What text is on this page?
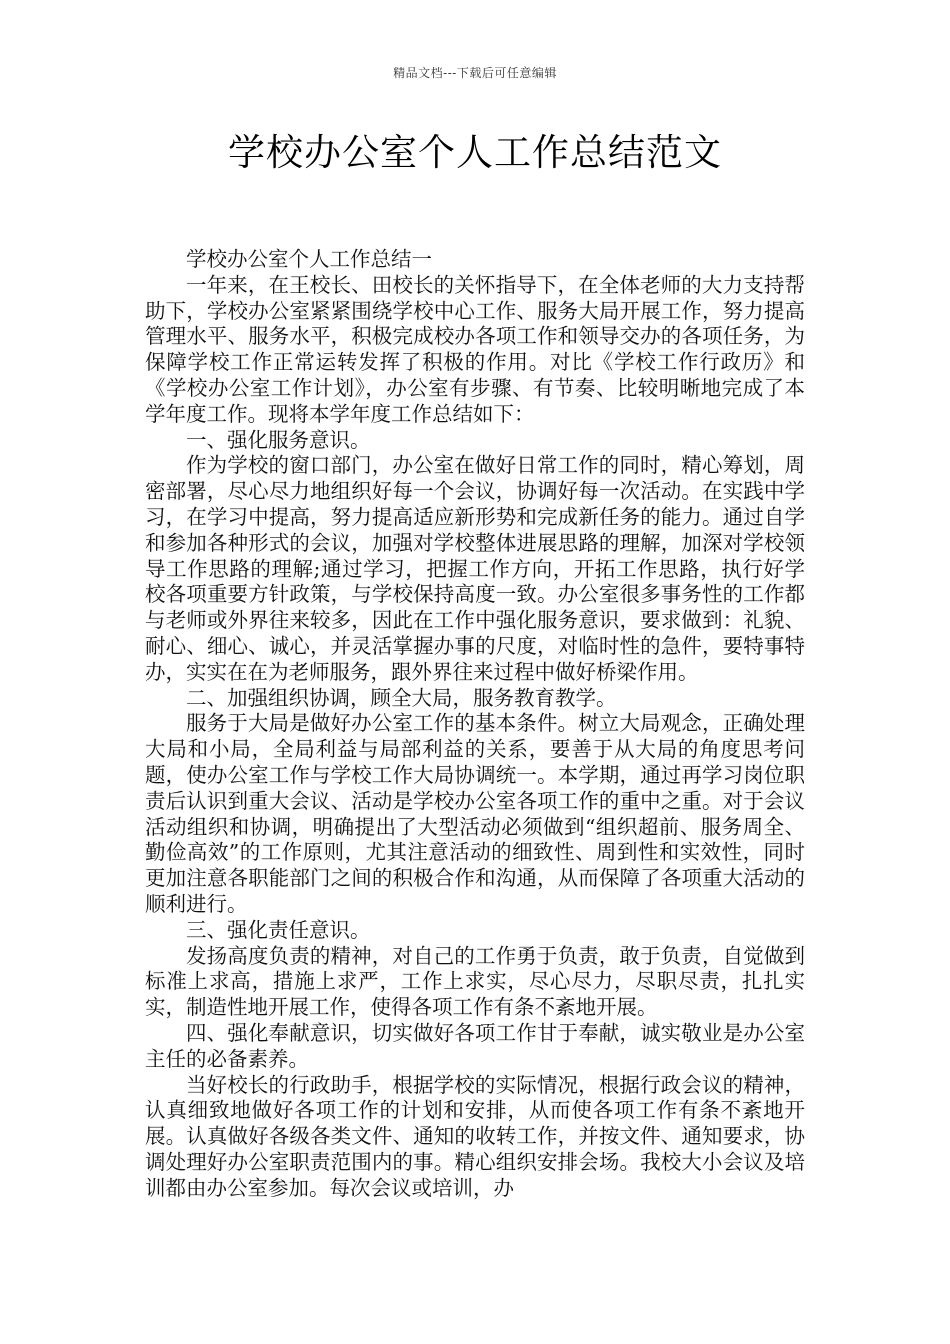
精品文档---下载后可任意编辑
学校办公室个人工作总结范文

学校办公室个人工作总结一

一年来，在王校长、田校长的关怀指导下，在全体老师的大力支持帮助下，学校办公室紧紧围绕学校中心工作、服务大局开展工作，努力提高管理水平、服务水平，积极完成校办各项工作和领导交办的各项任务，为保障学校工作正常运转发挥了积极的作用。对比《学校工作行政历》和《学校办公室工作计划》，办公室有步骤、有节奏、比较明晰地完成了本学年度工作。现将本学年度工作总结如下：

一、强化服务意识。

作为学校的窗口部门，办公室在做好日常工作的同时，精心筹划，周密部署，尽心尽力地组织好每一个会议，协调好每一次活动。在实践中学习，在学习中提高，努力提高适应新形势和完成新任务的能力。通过自学和参加各种形式的会议，加强对学校整体进展思路的理解，加深对学校领导工作思路的理解;通过学习，把握工作方向，开拓工作思路，执行好学校各项重要方针政策，与学校保持高度一致。办公室很多事务性的工作都与老师或外界往来较多，因此在工作中强化服务意识，要求做到：礼貌、耐心、细心、诚心，并灵活掌握办事的尺度，对临时性的急件，要特事特办，实实在在为老师服务，跟外界往来过程中做好桥梁作用。

二、加强组织协调，顾全大局，服务教育教学。

服务于大局是做好办公室工作的基本条件。树立大局观念，正确处理大局和小局，全局利益与局部利益的关系，要善于从大局的角度思考问题，使办公室工作与学校工作大局协调统一。本学期，通过再学习岗位职责后认识到重大会议、活动是学校办公室各项工作的重中之重。对于会议活动组织和协调，明确提出了大型活动必须做到“组织超前、服务周全、勤俭高效”的工作原则，尤其注意活动的细致性、周到性和实效性，同时更加注意各职能部门之间的积极合作和沟通，从而保障了各项重大活动的顺利进行。

三、强化责任意识。

发扬高度负责的精神，对自己的工作勇于负责，敢于负责，自觉做到标准上求高，措施上求严，工作上求实，尽心尽力，尽职尽责，扎扎实实，制造性地开展工作，使得各项工作有条不紊地开展。

四、强化奉献意识，切实做好各项工作甘于奉献，诚实敬业是办公室主任的必备素养。

当好校长的行政助手，根据学校的实际情况，根据行政会议的精神，认真细致地做好各项工作的计划和安排，从而使各项工作有条不紊地开展。认真做好各级各类文件、通知的收转工作，并按文件、通知要求，协调处理好办公室职责范围内的事。精心组织安排会场。我校大小会议及培训都由办公室参加。每次会议或培训，办
